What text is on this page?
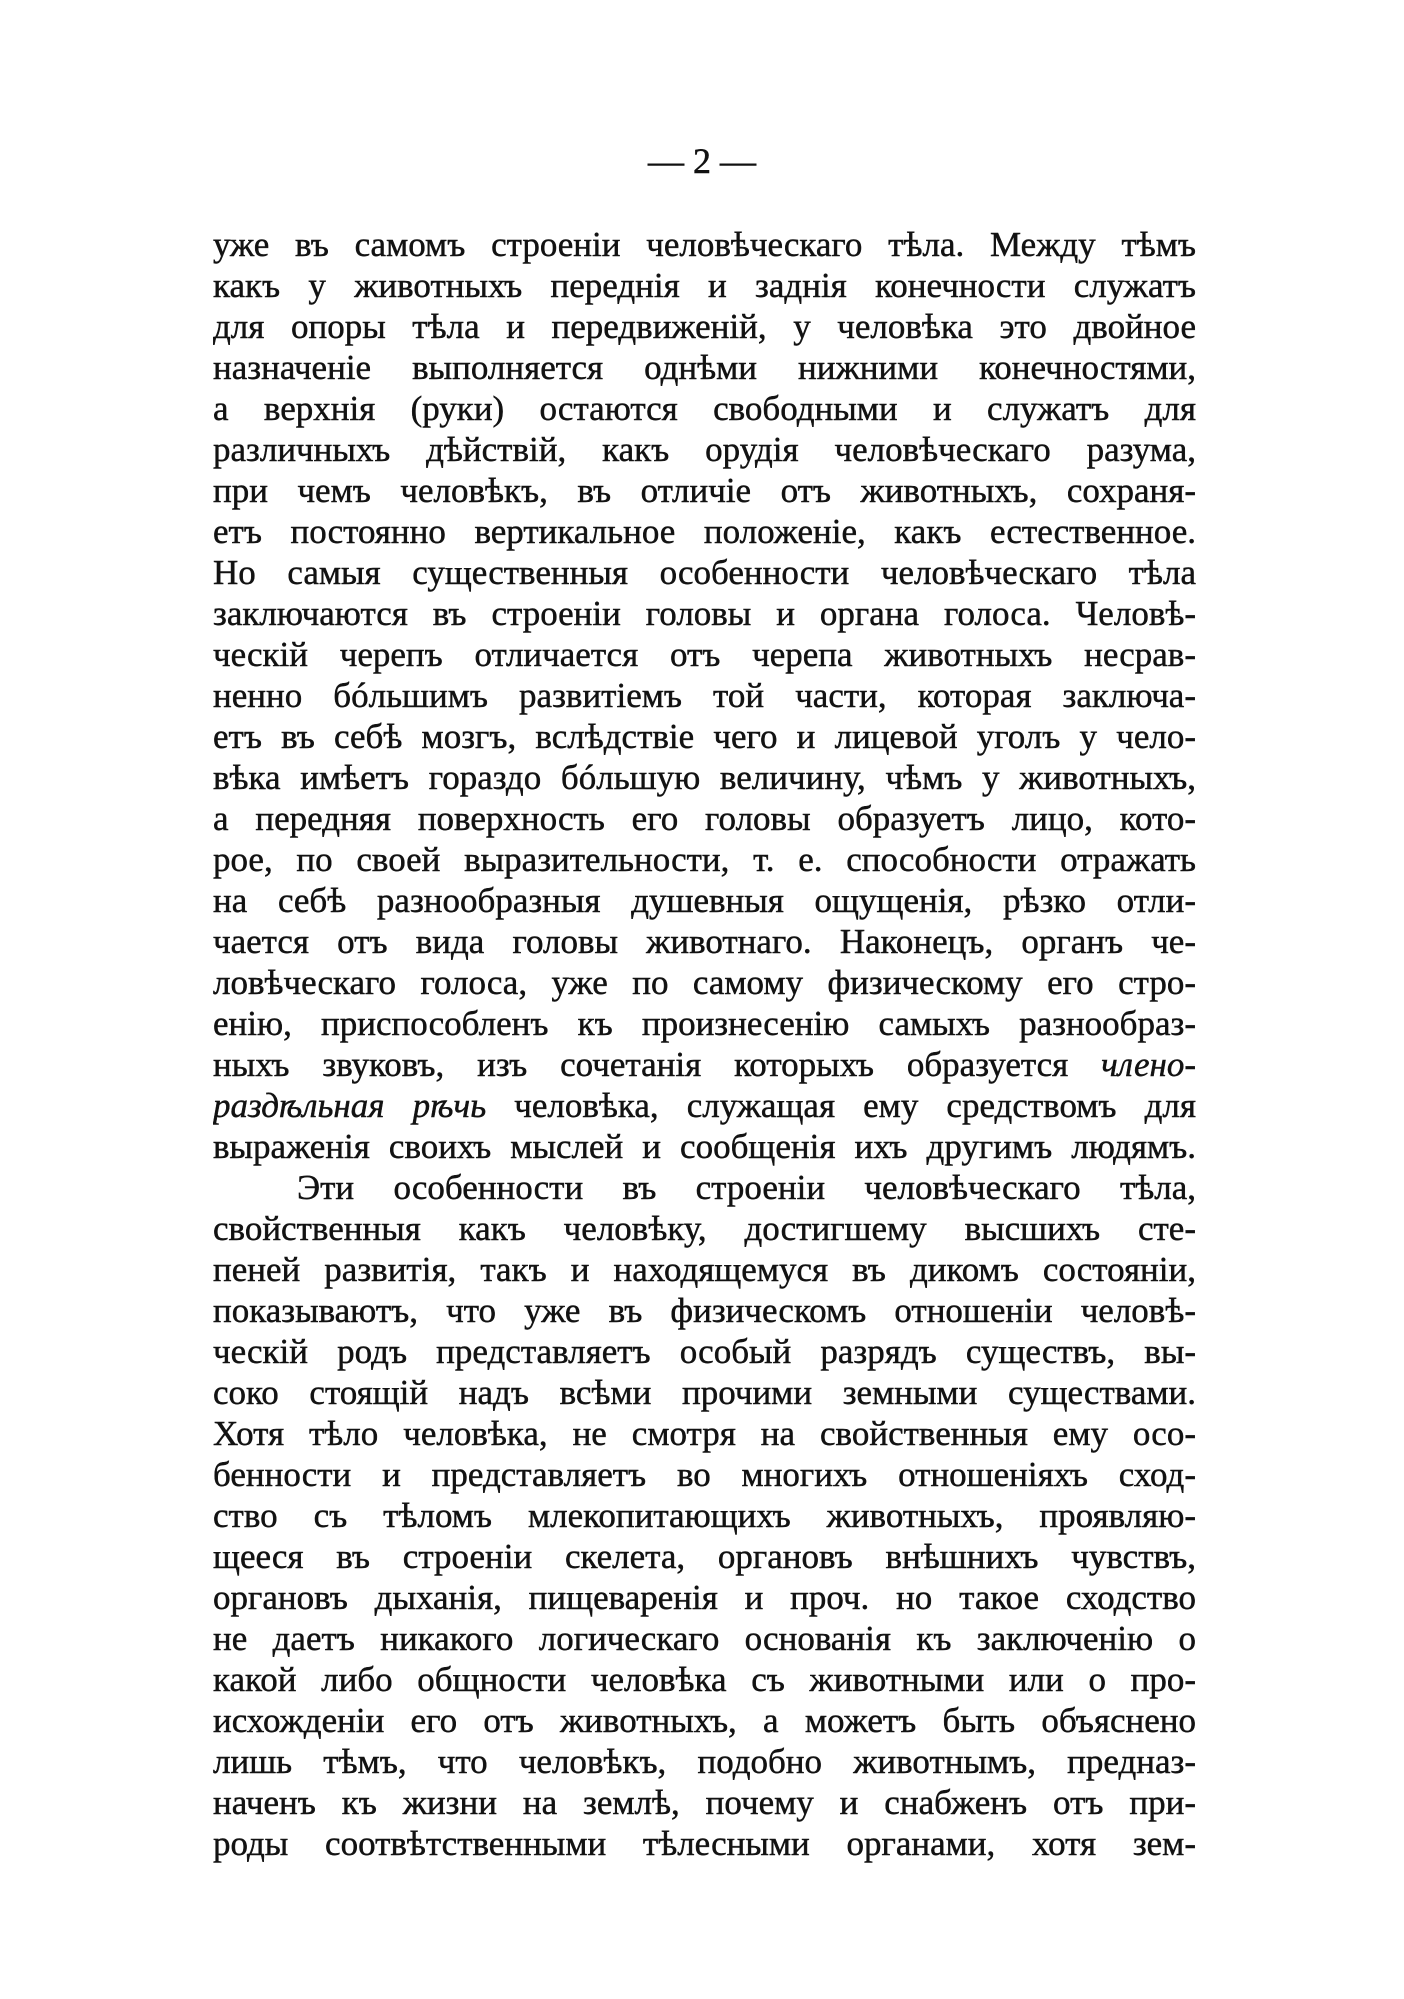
— 2 —
уже въ самомъ строеніи человѣческаго тѣла. Между тѣмъ
какъ у животныхъ переднія и заднія конечности служатъ
для опоры тѣла и передвиженій, у человѣка это двойное
назначеніе выполняется однѣми нижними конечностями,
а верхнія (руки) остаются свободными и служатъ для
различныхъ дѣйствій, какъ орудія человѣческаго разума,
при чемъ человѣкъ, въ отличіе отъ животныхъ, сохраня-
етъ постоянно вертикальное положеніе, какъ естественное.
Но самыя существенныя особенности человѣческаго тѣла
заключаются въ строеніи головы и органа голоса. Человѣ-
ческій черепъ отличается отъ черепа животныхъ несрав-
ненно бóльшимъ развитіемъ той части, которая заключа-
етъ въ себѣ мозгъ, вслѣдствіе чего и лицевой уголъ у чело-
вѣка имѣетъ гораздо бóльшую величину, чѣмъ у животныхъ,
а передняя поверхность его головы образуетъ лицо, кото-
рое, по своей выразительности, т. е. способности отражать
на себѣ разнообразныя душевныя ощущенія, рѣзко отли-
чается отъ вида головы животнаго. Наконецъ, органъ че-
ловѣческаго голоса, уже по самому физическому его стро-
енію, приспособленъ къ произнесенію самыхъ разнообраз-
ныхъ звуковъ, изъ сочетанія которыхъ образуется члено-
раздѣльная рѣчь человѣка, служащая ему средствомъ для
выраженія своихъ мыслей и сообщенія ихъ другимъ людямъ.
Эти особенности въ строеніи человѣческаго тѣла,
свойственныя какъ человѣку, достигшему высшихъ сте-
пеней развитія, такъ и находящемуся въ дикомъ состояніи,
показываютъ, что уже въ физическомъ отношеніи человѣ-
ческій родъ представляетъ особый разрядъ существъ, вы-
соко стоящій надъ всѣми прочими земными существами.
Хотя тѣло человѣка, не смотря на свойственныя ему осо-
бенности и представляетъ во многихъ отношеніяхъ сход-
ство съ тѣломъ млекопитающихъ животныхъ, проявляю-
щееся въ строеніи скелета, органовъ внѣшнихъ чувствъ,
органовъ дыханія, пищеваренія и проч. но такое сходство
не даетъ никакого логическаго основанія къ заключенію о
какой либо общности человѣка съ животными или о про-
исхожденіи его отъ животныхъ, а можетъ быть объяснено
лишь тѣмъ, что человѣкъ, подобно животнымъ, предназ-
наченъ къ жизни на землѣ, почему и снабженъ отъ при-
роды соотвѣтственными тѣлесными органами, хотя зем-
